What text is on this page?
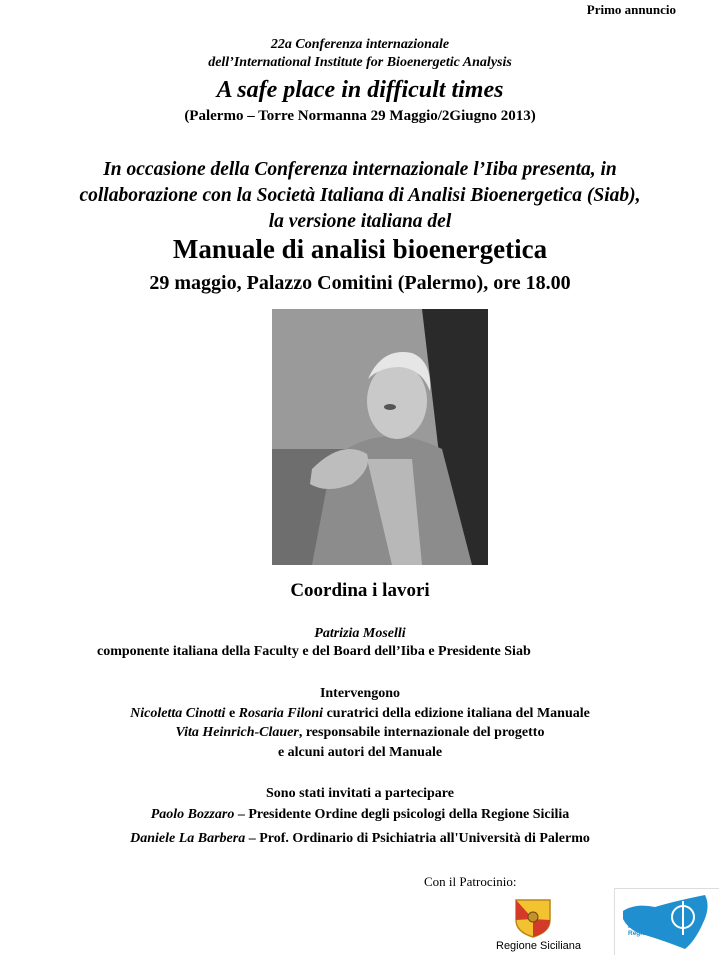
Primo annuncio
22a Conferenza internazionale
dell’International Institute for Bioenergetic Analysis
A safe place in difficult times
(Palermo – Torre Normanna 29 Maggio/2Giugno 2013)
In occasione della Conferenza internazionale l’Iiba presenta, in
collaborazione con la Società Italiana di Analisi Bioenergetica (Siab),
la versione italiana del
Manuale di analisi bioenergetica
29 maggio, Palazzo Comitini (Palermo), ore 18.00
Coordina i lavori
Patrizia Moselli
componente italiana della Faculty e del Board dell’Iiba e Presidente Siab
Intervengono
Nicoletta Cinotti e Rosaria Filoni curatrici della edizione italiana del Manuale
Vita Heinrich-Clauer, responsabile internazionale del progetto
e alcuni autori del Manuale
Sono stati invitati a partecipare
Paolo Bozzaro – Presidente Ordine degli psicologi della Regione Sicilia
Daniele La Barbera – Prof. Ordinario di Psichiatria all'Università di Palermo
Con il Patrocinio:
Regione Siciliana
Ordine
Psicologi
Regione Sicilia
